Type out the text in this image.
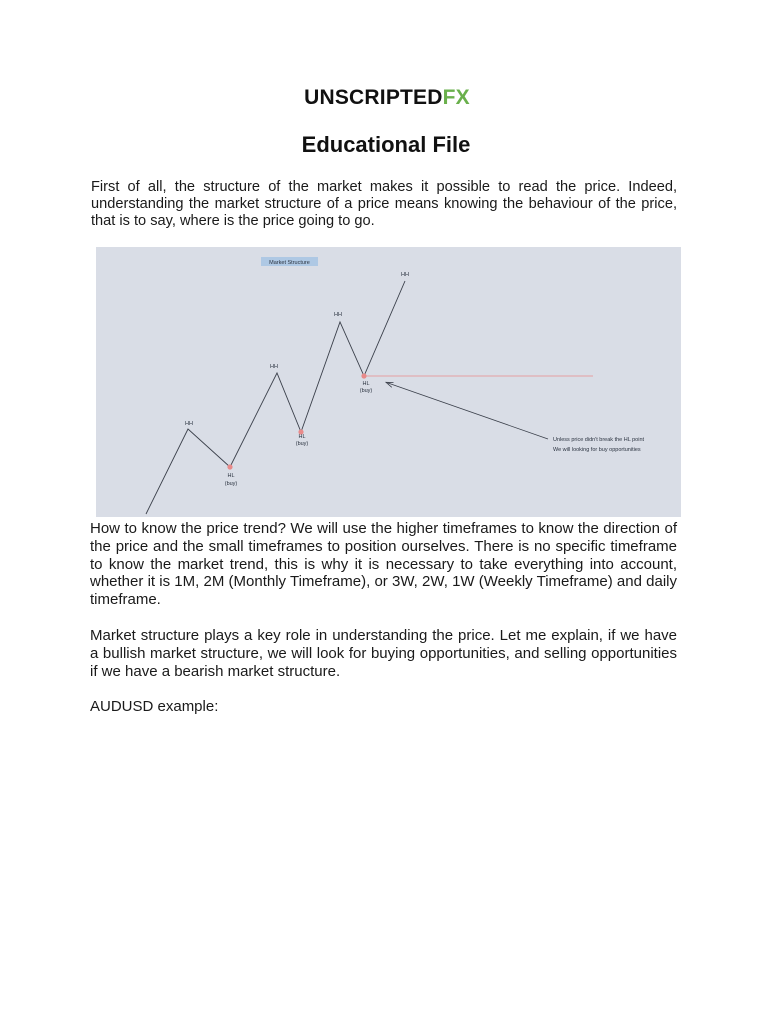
UNSCRIPTEDFX
Educational File

First of all, the structure of the market makes it possible to read the price. Indeed, understanding the market structure of a price means knowing the behaviour of the price, that is to say, where is the price going to go.

Market Structure
HH
HH
HH
HH
HL
(buy)
HL
(buy)
HL
(buy)
Unless price didn't break the HL point
We will looking for buy opportunities

How to know the price trend? We will use the higher timeframes to know the direction of the price and the small timeframes to position ourselves. There is no specific timeframe to know the market trend, this is why it is necessary to take everything into account, whether it is 1M, 2M (Monthly Timeframe), or 3W, 2W, 1W (Weekly Timeframe) and daily timeframe.

Market structure plays a key role in understanding the price. Let me explain, if we have a bullish market structure, we will look for buying opportunities, and selling opportunities if we have a bearish market structure.

AUDUSD example:
